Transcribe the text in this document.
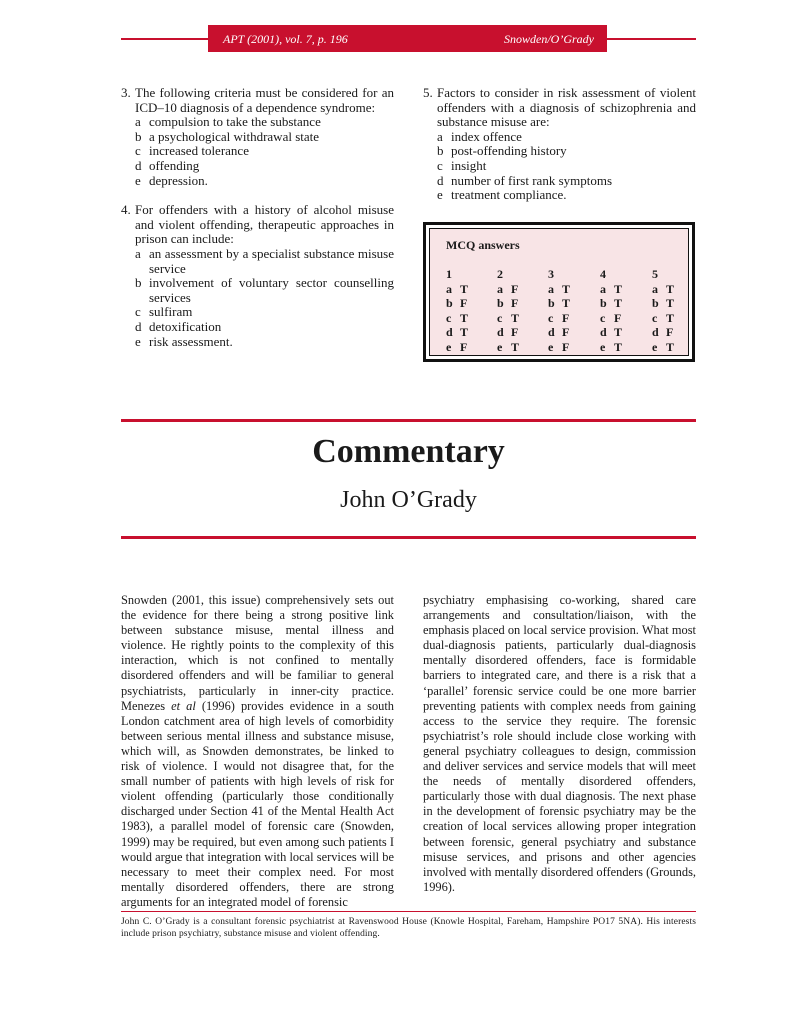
APT (2001), vol. 7, p. 196	Snowden/O’Grady
3. The following criteria must be considered for an ICD–10 diagnosis of a dependence syndrome:
a compulsion to take the substance
b a psychological withdrawal state
c increased tolerance
d offending
e depression.
4. For offenders with a history of alcohol misuse and violent offending, therapeutic approaches in prison can include:
a an assessment by a specialist substance misuse service
b involvement of voluntary sector counselling services
c sulfiram
d detoxification
e risk assessment.
5. Factors to consider in risk assessment of violent offenders with a diagnosis of schizophrenia and substance misuse are:
a index offence
b post-offending history
c insight
d number of first rank symptoms
e treatment compliance.
MCQ answers
1
a T
b F
c T
d T
e F
2
a F
b F
c T
d F
e T
3
a T
b T
c F
d F
e F
4
a T
b T
c F
d T
e T
5
a T
b T
c T
d F
e T
Commentary
John O’Grady
Snowden (2001, this issue) comprehensively sets out the evidence for there being a strong positive link between substance misuse, mental illness and violence. He rightly points to the complexity of this interaction, which is not confined to mentally disordered offenders and will be familiar to general psychiatrists, particularly in inner-city practice. Menezes et al (1996) provides evidence in a south London catchment area of high levels of comorbidity between serious mental illness and substance misuse, which will, as Snowden demonstrates, be linked to risk of violence. I would not disagree that, for the small number of patients with high levels of risk for violent offending (particularly those conditionally discharged under Section 41 of the Mental Health Act 1983), a parallel model of forensic care (Snowden, 1999) may be required, but even among such patients I would argue that integration with local services will be necessary to meet their complex need. For most mentally disordered offenders, there are strong arguments for an integrated model of forensic
psychiatry emphasising co-working, shared care arrangements and consultation/liaison, with the emphasis placed on local service provision. What most dual-diagnosis patients, particularly dual-diagnosis mentally disordered offenders, face is formidable barriers to integrated care, and there is a risk that a ‘parallel’ forensic service could be one more barrier preventing patients with complex needs from gaining access to the service they require. The forensic psychiatrist’s role should include close working with general psychiatry colleagues to design, commission and deliver services and service models that will meet the needs of mentally disordered offenders, particularly those with dual diagnosis. The next phase in the development of forensic psychiatry may be the creation of local services allowing proper integration between forensic, general psychiatry and substance misuse services, and prisons and other agencies involved with mentally disordered offenders (Grounds, 1996).
John C. O’Grady is a consultant forensic psychiatrist at Ravenswood House (Knowle Hospital, Fareham, Hampshire PO17 5NA). His interests include prison psychiatry, substance misuse and violent offending.
